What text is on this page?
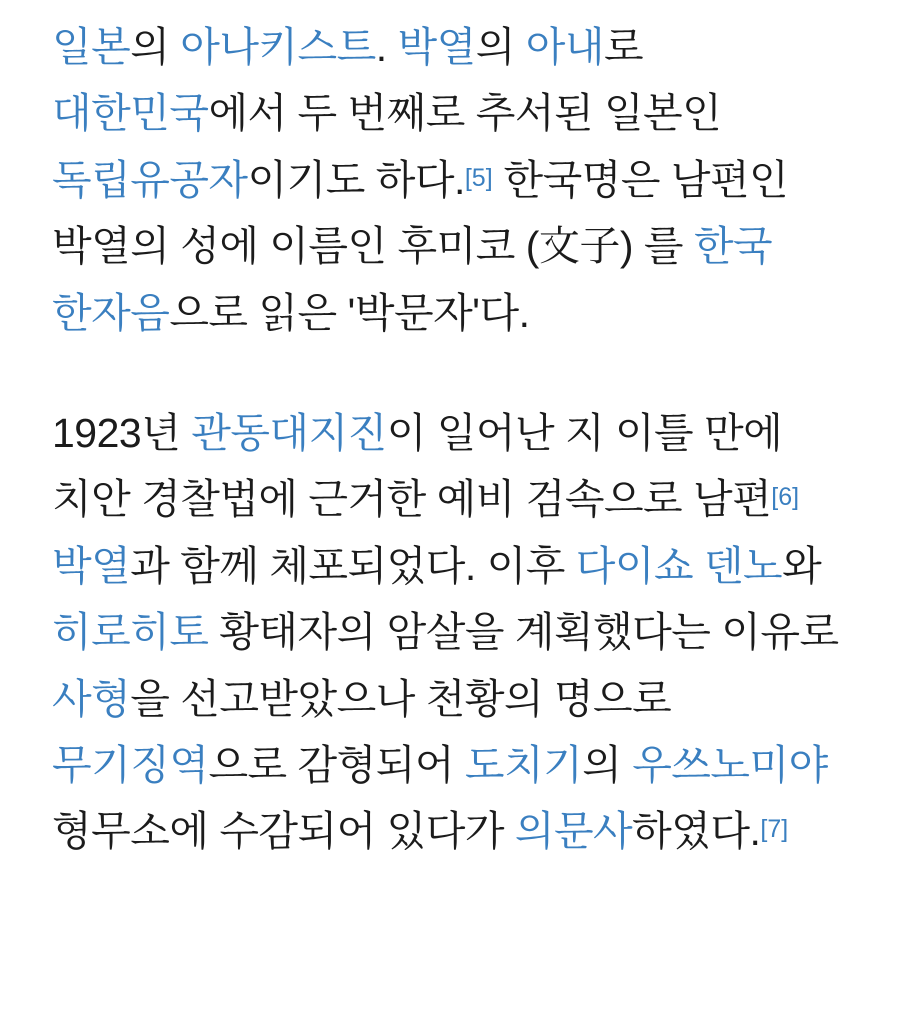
일본의 아나키스트. 박열의 아내로 대한민국에서 두 번째로 추서된 일본인 독립유공자이기도 하다.[5] 한국명은 남편인 박열의 성에 이름인 후미코 (文子) 를 한국 한자음으로 읽은 '박문자'다.

1923년 관동대지진이 일어난 지 이틀 만에 치안 경찰법에 근거한 예비 검속으로 남편[6] 박열과 함께 체포되었다. 이후 다이쇼 덴노와 히로히토 황태자의 암살을 계획했다는 이유로 사형을 선고받았으나 천황의 명으로 무기징역으로 감형되어 도치기의 우쓰노미야 형무소에 수감되어 있다가 의문사하였다.[7]
